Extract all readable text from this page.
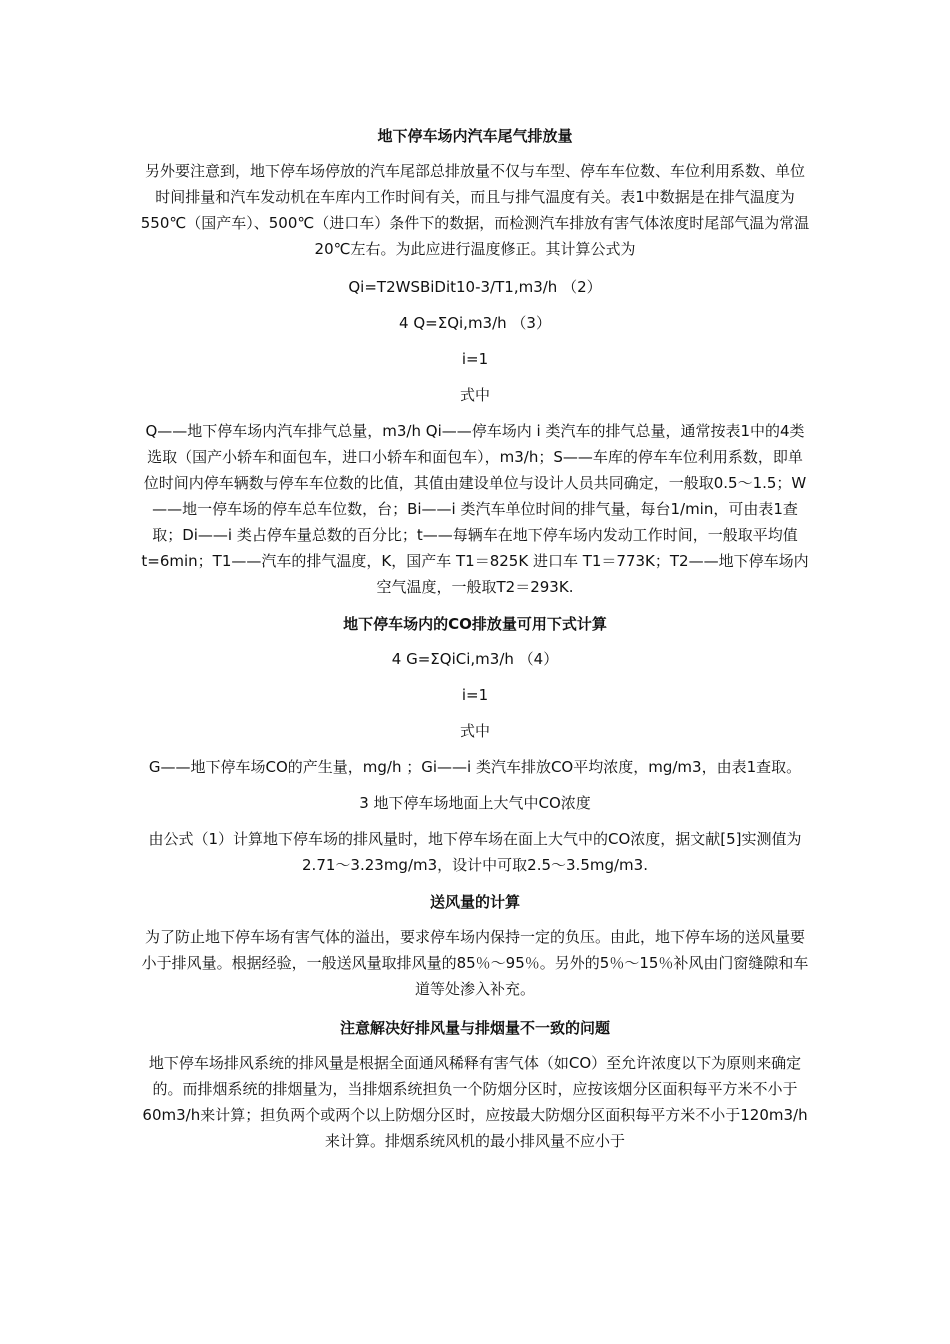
地下停车场内汽车尾气排放量

另外要注意到，地下停车场停放的汽车尾部总排放量不仅与车型、停车车位数、车位利用系数、单位时间排量和汽车发动机在车库内工作时间有关，而且与排气温度有关。表1中数据是在排气温度为550℃（国产车）、500℃（进口车）条件下的数据，而检测汽车排放有害气体浓度时尾部气温为常温20℃左右。为此应进行温度修正。其计算公式为

Qi=T2WSBiDit10-3/T1,m3/h （2）

4 Q=ΣQi,m3/h （3）

i=1

式中

Q——地下停车场内汽车排气总量，m3/h Qi——停车场内 i 类汽车的排气总量，通常按表1中的4类选取（国产小轿车和面包车，进口小轿车和面包车），m3/h；S——车库的停车车位利用系数，即单位时间内停车辆数与停车车位数的比值，其值由建设单位与设计人员共同确定，一般取0.5～1.5；W——地一停车场的停车总车位数，台；Bi——i 类汽车单位时间的排气量，每台1/min，可由表1查取；Di——i 类占停车量总数的百分比；t——每辆车在地下停车场内发动工作时间，一般取平均值 t=6min；T1——汽车的排气温度，K，国产车 T1＝825K 进口车 T1＝773K；T2——地下停车场内空气温度，一般取T2＝293K.

地下停车场内的CO排放量可用下式计算

4 G=ΣQiCi,m3/h （4）

i=1

式中

G——地下停车场CO的产生量，mg/h ；Gi——i 类汽车排放CO平均浓度，mg/m3，由表1查取。

3 地下停车场地面上大气中CO浓度

由公式（1）计算地下停车场的排风量时，地下停车场在面上大气中的CO浓度，据文献[5]实测值为2.71～3.23mg/m3，设计中可取2.5～3.5mg/m3.

送风量的计算

为了防止地下停车场有害气体的溢出，要求停车场内保持一定的负压。由此，地下停车场的送风量要小于排风量。根据经验，一般送风量取排风量的85％～95％。另外的5％～15％补风由门窗缝隙和车道等处渗入补充。

注意解决好排风量与排烟量不一致的问题

地下停车场排风系统的排风量是根据全面通风稀释有害气体（如CO）至允许浓度以下为原则来确定的。而排烟系统的排烟量为，当排烟系统担负一个防烟分区时，应按该烟分区面积每平方米不小于60m3/h来计算；担负两个或两个以上防烟分区时，应按最大防烟分区面积每平方米不小于120m3/h来计算。排烟系统风机的最小排风量不应小于
